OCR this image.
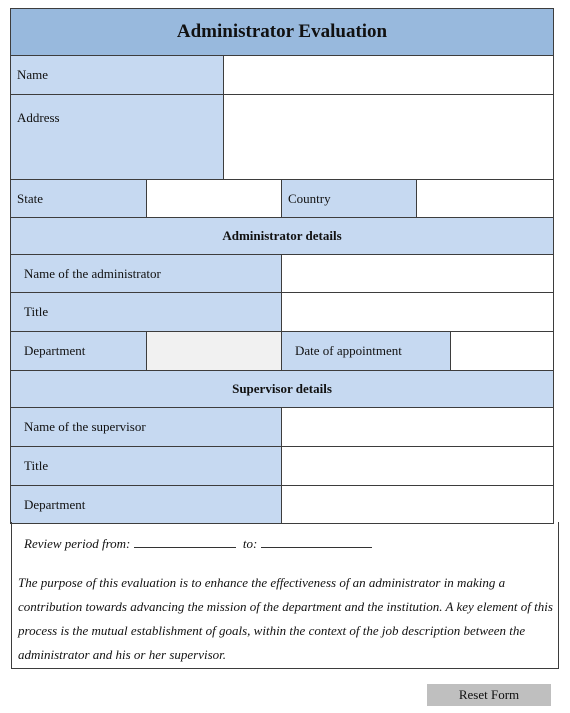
Administrator Evaluation
Name
Address
State	Country
Administrator details
Name of the administrator
Title
Department	Date of appointment
Supervisor details
Name of the supervisor
Title
Department
Review period from:	to:
The purpose of this evaluation is to enhance the effectiveness of an administrator in making a contribution towards advancing the mission of the department and the institution. A key element of this process is the mutual establishment of goals, within the context of the job description between the administrator and his or her supervisor.
Reset Form
